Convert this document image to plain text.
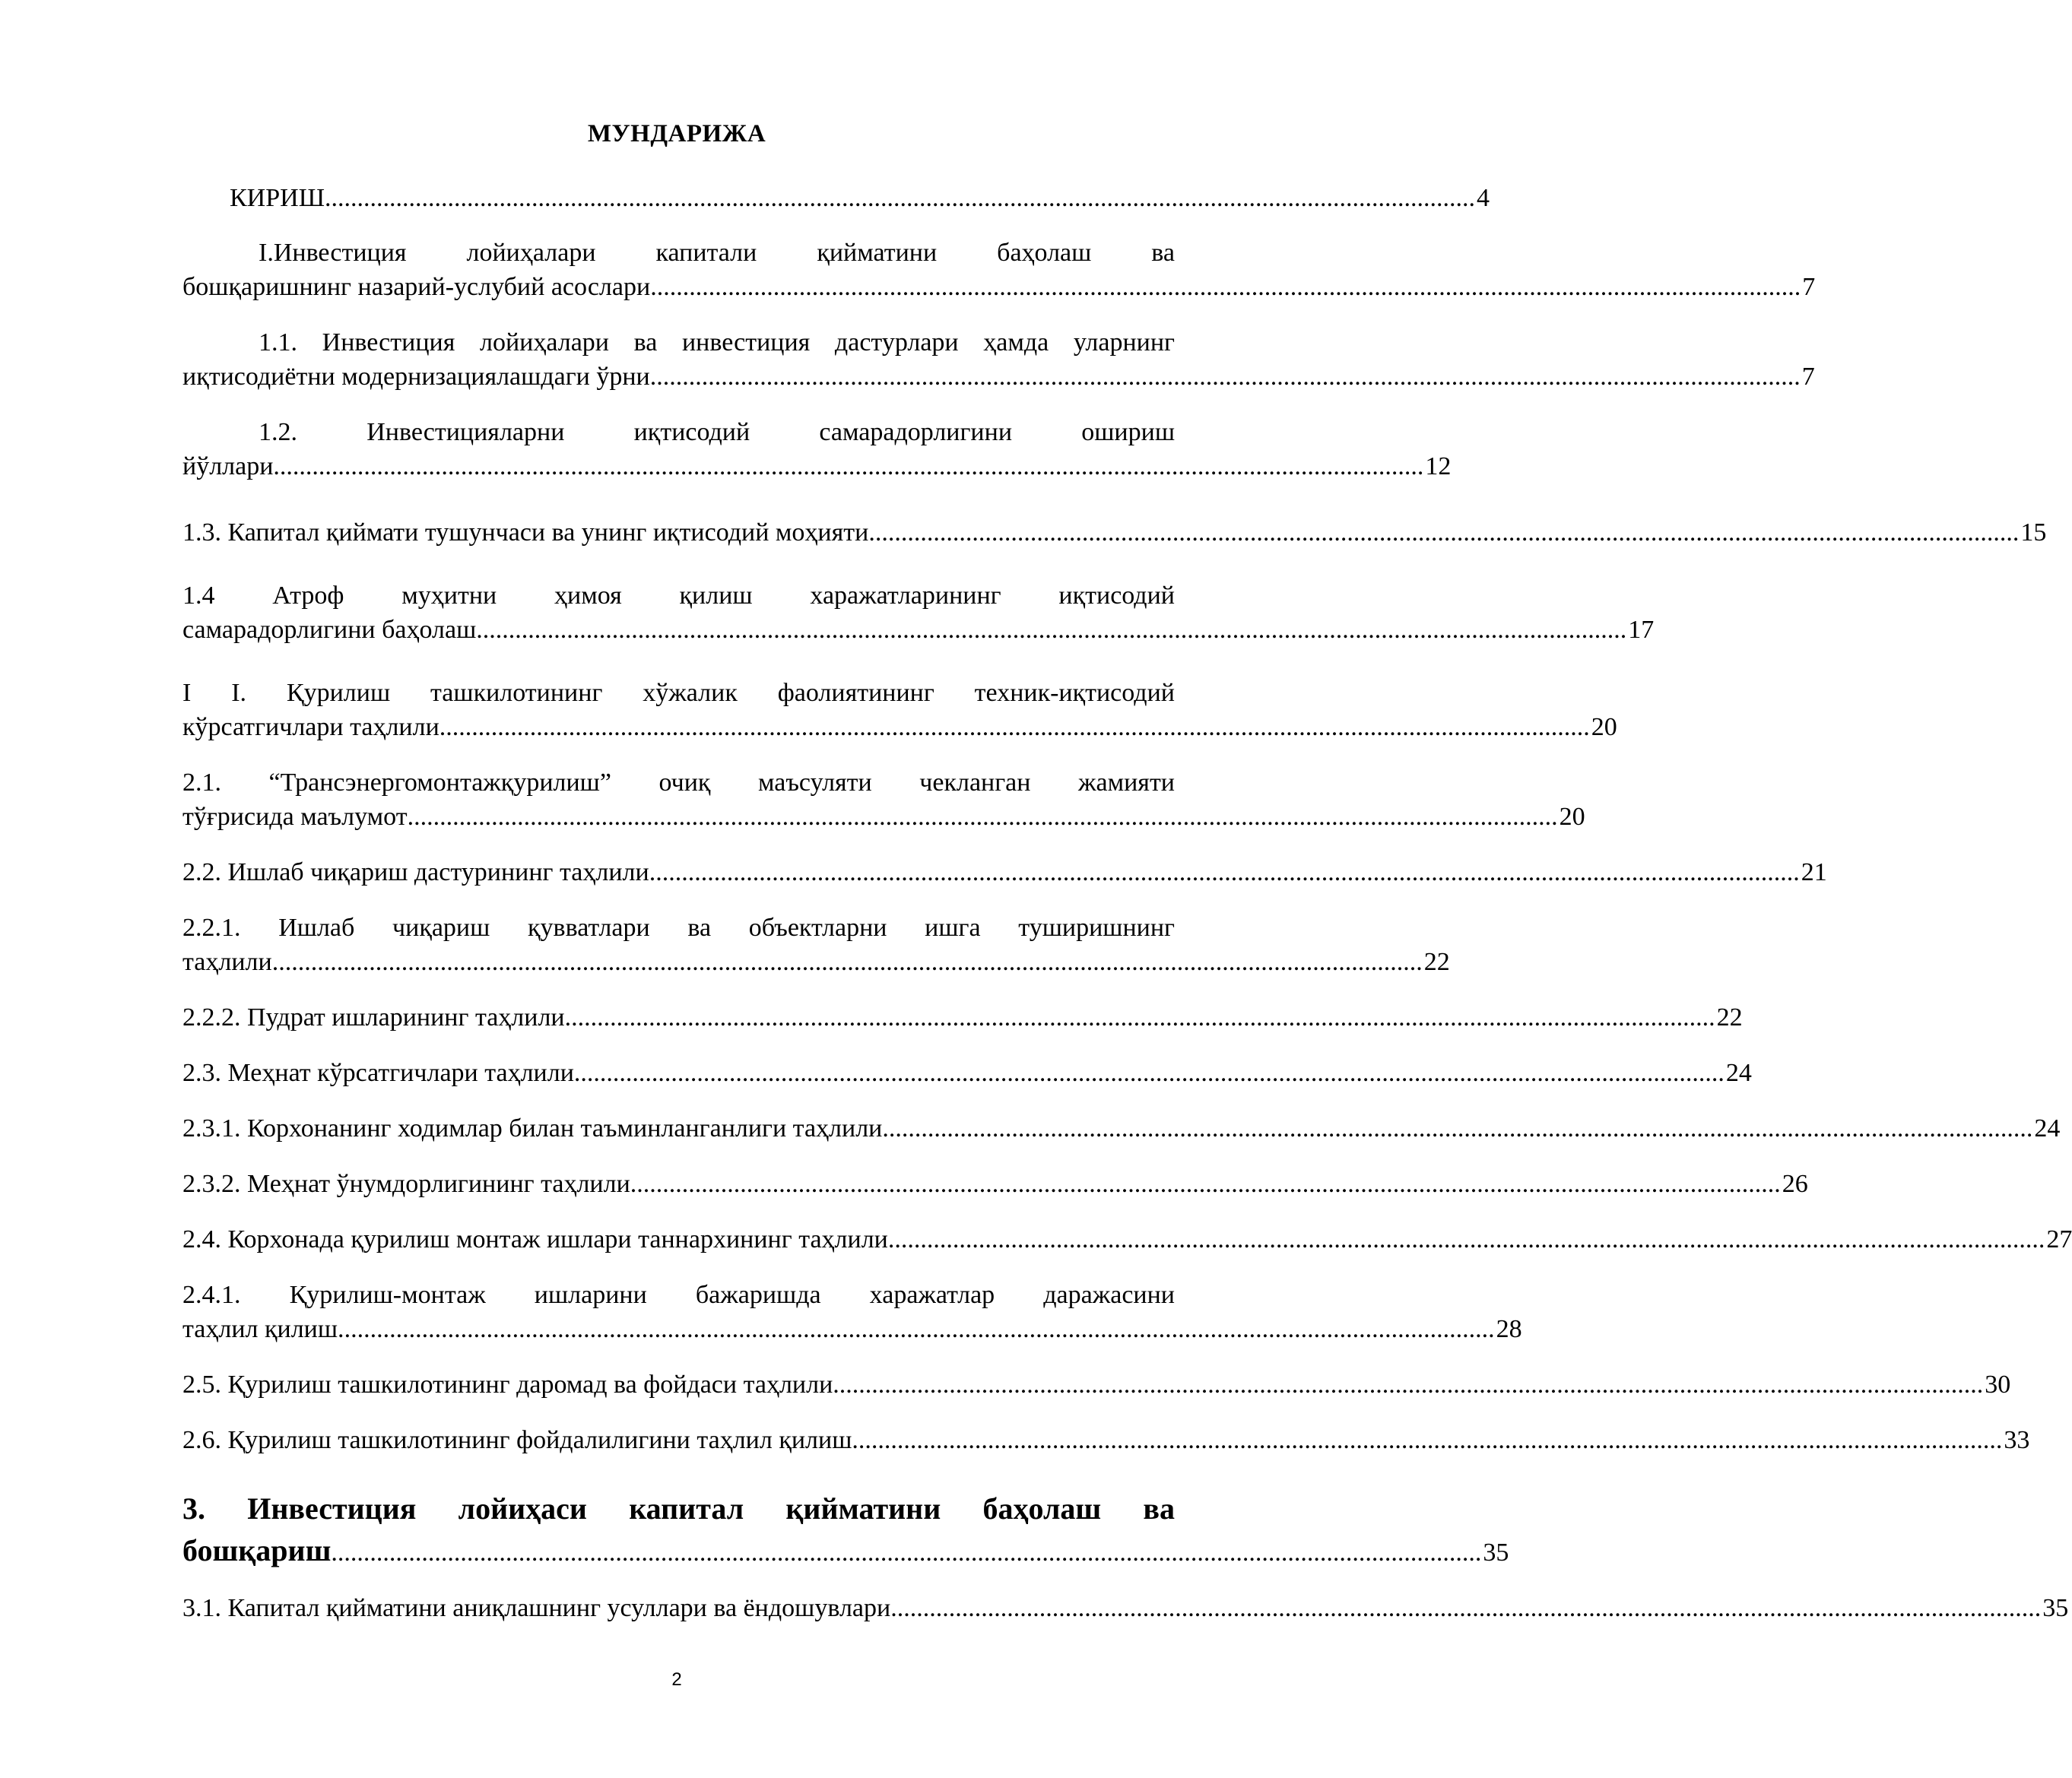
МУНДАРИЖА
КИРИШ .................................................................................................................................................................................. 4
І.Инвестиция лойиҳалари капитали қийматини баҳолаш ва
бошқаришнинг назарий-услубий асослари .................................................................................................................................................................................. 7
1.1. Инвестиция лойиҳалари ва инвестиция дастурлари ҳамда уларнинг
иқтисодиётни модернизациялашдаги ўрни .................................................................................................................................................................................. 7
1.2. Инвестицияларни иқтисодий самарадорлигини ошириш
йўллари .................................................................................................................................................................................. 12
1.3. Капитал қиймати тушунчаси ва унинг иқтисодий моҳияти .................................................................................................................................................................................. 15
1.4 Атроф муҳитни ҳимоя қилиш харажатларининг иқтисодий
самарадорлигини баҳолаш .................................................................................................................................................................................. 17
І І. Қурилиш ташкилотининг хўжалик фаолиятининг техник-иқтисодий
кўрсатгичлари таҳлили .................................................................................................................................................................................. 20
2.1. “Трансэнергомонтажқурилиш” очиқ маъсуляти чекланган жамияти
тўғрисида маълумот .................................................................................................................................................................................. 20
2.2. Ишлаб чиқариш дастурининг таҳлили .................................................................................................................................................................................. 21
2.2.1. Ишлаб чиқариш қувватлари ва объектларни ишга туширишнинг
таҳлили .................................................................................................................................................................................. 22
2.2.2. Пудрат ишларининг таҳлили .................................................................................................................................................................................. 22
2.3. Меҳнат кўрсатгичлари таҳлили .................................................................................................................................................................................. 24
2.3.1. Корхонанинг ходимлар билан таъминланганлиги таҳлили .................................................................................................................................................................................. 24
2.3.2. Меҳнат ўнумдорлигининг таҳлили .................................................................................................................................................................................. 26
2.4. Корхонада қурилиш монтаж ишлари таннархининг таҳлили. .................................................................................................................................................................................. 27
2.4.1. Қурилиш-монтаж ишларини бажаришда харажатлар даражасини
таҳлил қилиш. .................................................................................................................................................................................. 28
2.5. Қурилиш ташкилотининг даромад ва фойдаси таҳлили .................................................................................................................................................................................. 30
2.6. Қурилиш ташкилотининг фойдалилигини таҳлил қилиш .................................................................................................................................................................................. 33
3. Инвестиция лойиҳаси капитал қийматини баҳолаш ва
бошқариш .................................................................................................................................................................................. 35
3.1. Капитал қийматини аниқлашнинг усуллари ва ёндошувлари .................................................................................................................................................................................. 35
2
